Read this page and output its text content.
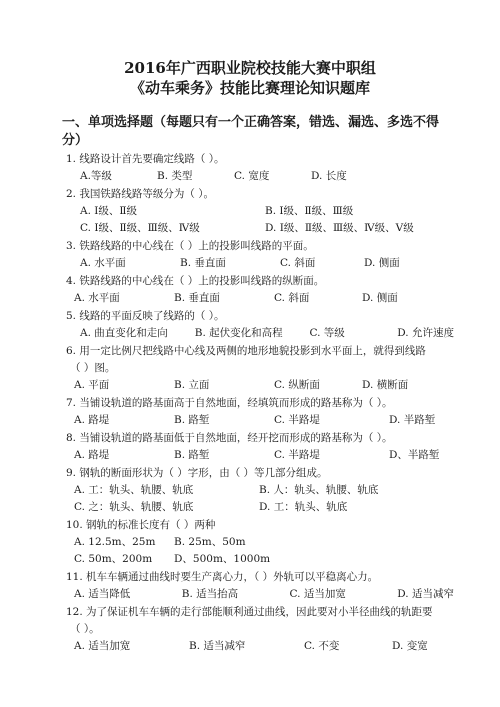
2016年广西职业院校技能大赛中职组
《动车乘务》技能比赛理论知识题库
一、单项选择题（每题只有一个正确答案，错选、漏选、多选不得
分）
1. 线路设计首先要确定线路（ ）。
A.等级	B. 类型	C. 宽度	D. 长度
2. 我国铁路线路等级分为（ ）。
A. Ⅰ级、Ⅱ级	B. Ⅰ级、Ⅱ级、Ⅲ级
C. Ⅰ级、Ⅱ级、Ⅲ级、Ⅳ级	D. Ⅰ级、Ⅱ级、Ⅲ级、Ⅳ级、Ⅴ级
3. 铁路线路的中心线在（ ）上的投影叫线路的平面。
A. 水平面	B. 垂直面	C. 斜面	D. 侧面
4. 铁路线路的中心线在（ ）上的投影叫线路的纵断面。
A. 水平面	B. 垂直面	C. 斜面	D. 侧面
5. 线路的平面反映了线路的（ ）。
A. 曲直变化和走向	B. 起伏变化和高程	C. 等级	D. 允许速度
6. 用一定比例尺把线路中心线及两侧的地形地貌投影到水平面上，就得到线路
（ ）图。
A. 平面	B. 立面	C. 纵断面	D. 横断面
7. 当铺设轨道的路基面高于自然地面，经填筑而形成的路基称为（ ）。
A. 路堤	B. 路堑	C. 半路堤	D. 半路堑
8. 当铺设轨道的路基面低于自然地面，经开挖而形成的路基称为（ ）。
A. 路堤	B. 路堑	C. 半路堤	D、半路堑
9. 钢轨的断面形状为（ ）字形，由（ ）等几部分组成。
A. 工：轨头、轨腰、轨底	B. 人：轨头、轨腰、轨底
C. 之：轨头、轨腰、轨底	D. 工：轨头、轨底
10. 钢轨的标准长度有（ ）两种
A. 12.5m、25m	B. 25m、50m
C. 50m、200m	D、500m、1000m
11. 机车车辆通过曲线时要生产离心力，（ ）外轨可以平稳离心力。
A. 适当降低	B. 适当抬高	C. 适当加宽	D. 适当减窄
12. 为了保证机车车辆的走行部能顺利通过曲线，因此要对小半径曲线的轨距要
（ ）。
A. 适当加宽	B. 适当减窄	C. 不变	D. 变宽
